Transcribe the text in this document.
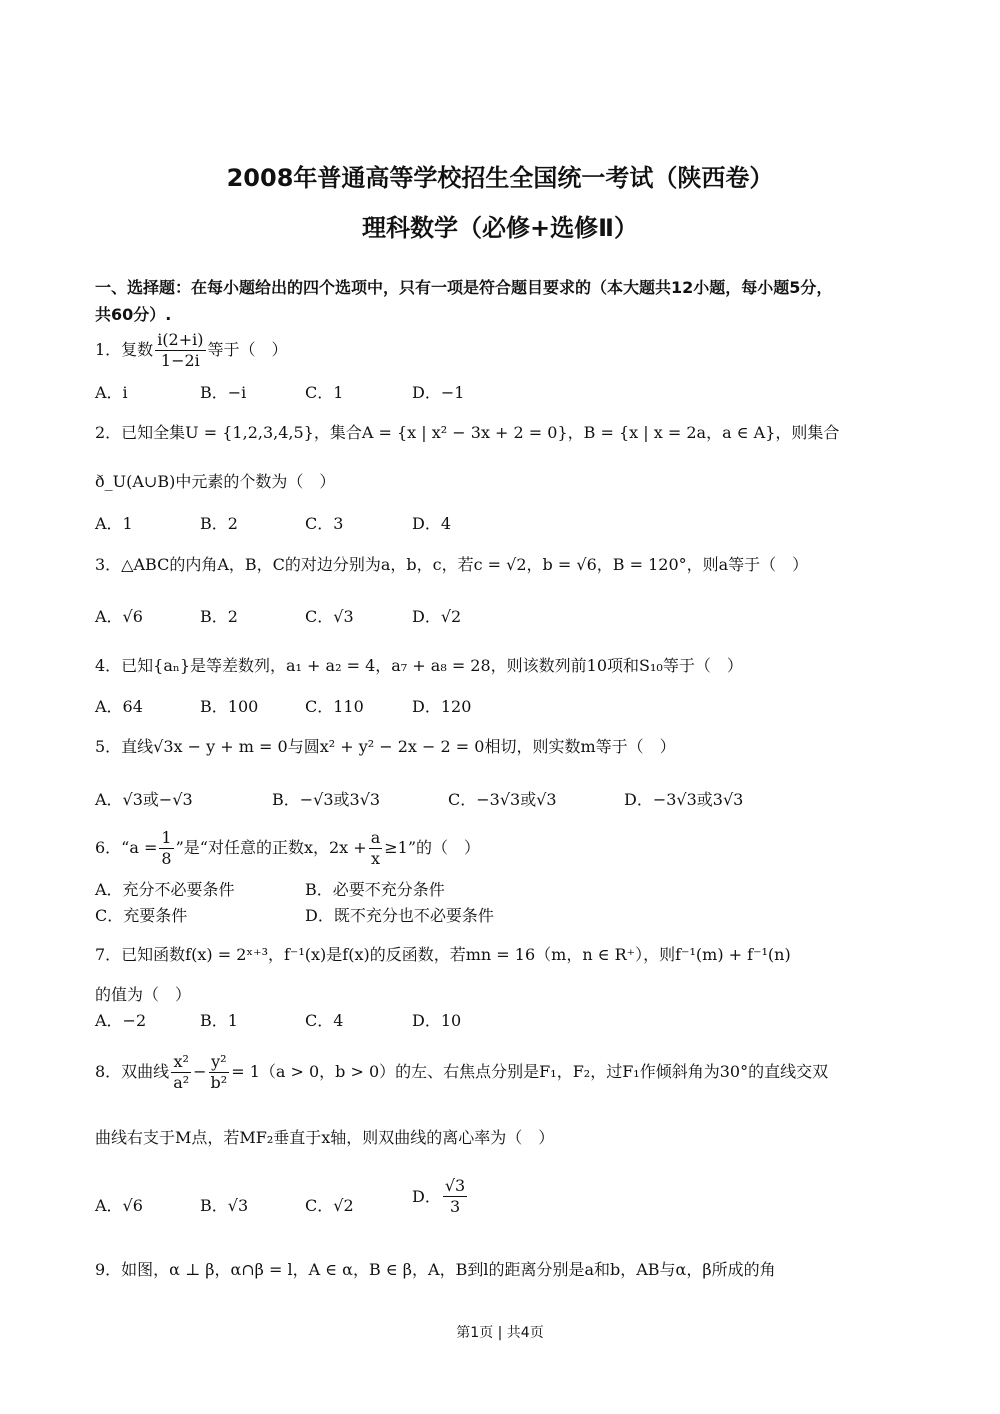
2008年普通高等学校招生全国统一考试（陕西卷）
理科数学（必修+选修Ⅱ）
一、选择题：在每小题给出的四个选项中，只有一项是符合题目要求的（本大题共12小题，每小题5分，
共60分）.
1．复数 $\frac{i(2+i)}{1-2i}$ 等于（　）
A．i	B．−i	C．1	D．−1
2．已知全集U = {1,2,3,4,5}，集合A = {x | x² − 3x + 2 = 0}，B = {x | x = 2a，a ∈ A}，则集合
ð_U(A∪B)中元素的个数为（　）
A．1	B．2	C．3	D．4
3．△ABC的内角A，B，C的对边分别为a，b，c，若c = √2，b = √6，B = 120°，则a等于（　）
A．√6	B．2	C．√3	D．√2
4．已知{aₙ}是等差数列，a₁ + a₂ = 4，a₇ + a₈ = 28，则该数列前10项和S₁₀等于（　）
A．64	B．100	C．110	D．120
5．直线√3x − y + m = 0与圆x² + y² − 2x − 2 = 0相切，则实数m等于（　）
A．√3或−√3	B．−√3或3√3	C．−3√3或√3	D．−3√3或3√3
6．“$a = \frac{1}{8}$ ”是“对任意的正数x，$2x + \frac{a}{x} \ge 1$”的（　）
A．充分不必要条件	B．必要不充分条件
C．充要条件	D．既不充分也不必要条件
7．已知函数f(x) = 2ˣ⁺³，f⁻¹(x)是f(x)的反函数，若mn = 16（m，n ∈ R⁺），则f⁻¹(m) + f⁻¹(n)
的值为（　）
A．−2	B．1	C．4	D．10
8．双曲线 $\frac{\text{x²}}{\text{a²}} - \frac{\text{y²}}{\text{b²}} = 1(a > 0$，b > 0）的左、右焦点分别是F₁，F₂，过F₁作倾斜角为30°的直线交双
曲线右支于M点，若MF₂垂直于x轴，则双曲线的离心率为（　）
A．√6	B．√3	C．√2	D． $\frac{√3}{3}$
9．如图，α ⊥ β，α∩β = l，A ∈ α，B ∈ β，A，B到l的距离分别是a和b，AB与α，β所成的角
第1页 | 共4页
